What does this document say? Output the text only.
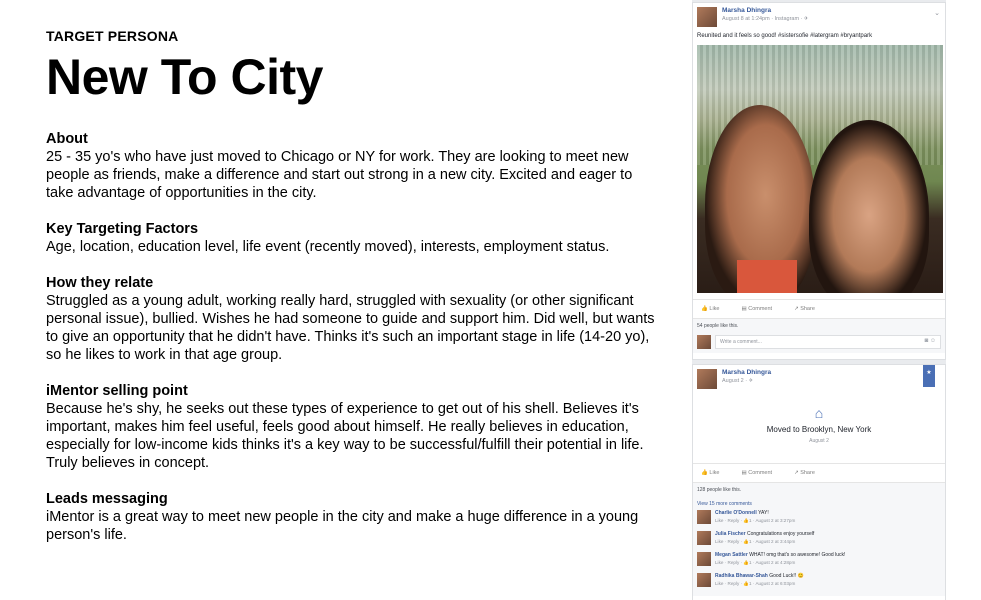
TARGET PERSONA
New To City
About

25 - 35 yo's who have just moved to Chicago or NY for work. They are looking to meet new people as friends, make a difference and start out strong in a new city. Excited and eager to take advantage of opportunities in the city.

Key Targeting Factors

Age, location, education level, life event (recently moved), interests, employment status.

How they relate

Struggled as a young adult, working really hard, struggled with sexuality (or other significant personal issue), bullied. Wishes he had someone to guide and support him. Did well, but wants to give an opportunity that he didn't have. Thinks it's such an important stage in life (14-20 yo), so he likes to work in that age group.

iMentor selling point

Because he's shy, he seeks out these types of experience to get out of his shell. Believes it's important, makes him feel useful, feels good about himself. He really believes in education, especially for low-income kids thinks it's a key way to be successful/fulfill their potential in life. Truly believes in concept.

Leads messaging

iMentor is a great way to meet new people in the city and make a huge difference in a young person's life.

Marsha Dhingra
August 8 at 1:24pm · Instagram · ✈
⌄
Reunited and it feels so good! #sistersofie #latergram #bryantpark
👍 Like	▤ Comment	↗ Share
54 people like this.
Write a comment...	◙ ☺
Marsha Dhingra
August 2 · ✈
★
⌂
Moved to Brooklyn, New York
August 2
👍 Like	▤ Comment	↗ Share
128 people like this.
View 15 more comments
Charlie O'Donnell YAY!
Like · Reply · 👍1 · August 2 at 3:27pm
Julia Fischer Congratulations enjoy yourself
Like · Reply · 👍1 · August 2 at 3:44pm
Megan Sattler WHAT! omg that's so awesome! Good luck!
Like · Reply · 👍1 · August 2 at 4:28pm
Radhika Bhawar-Shah Good Luck!! 😊
Like · Reply · 👍1 · August 2 at 6:03pm
